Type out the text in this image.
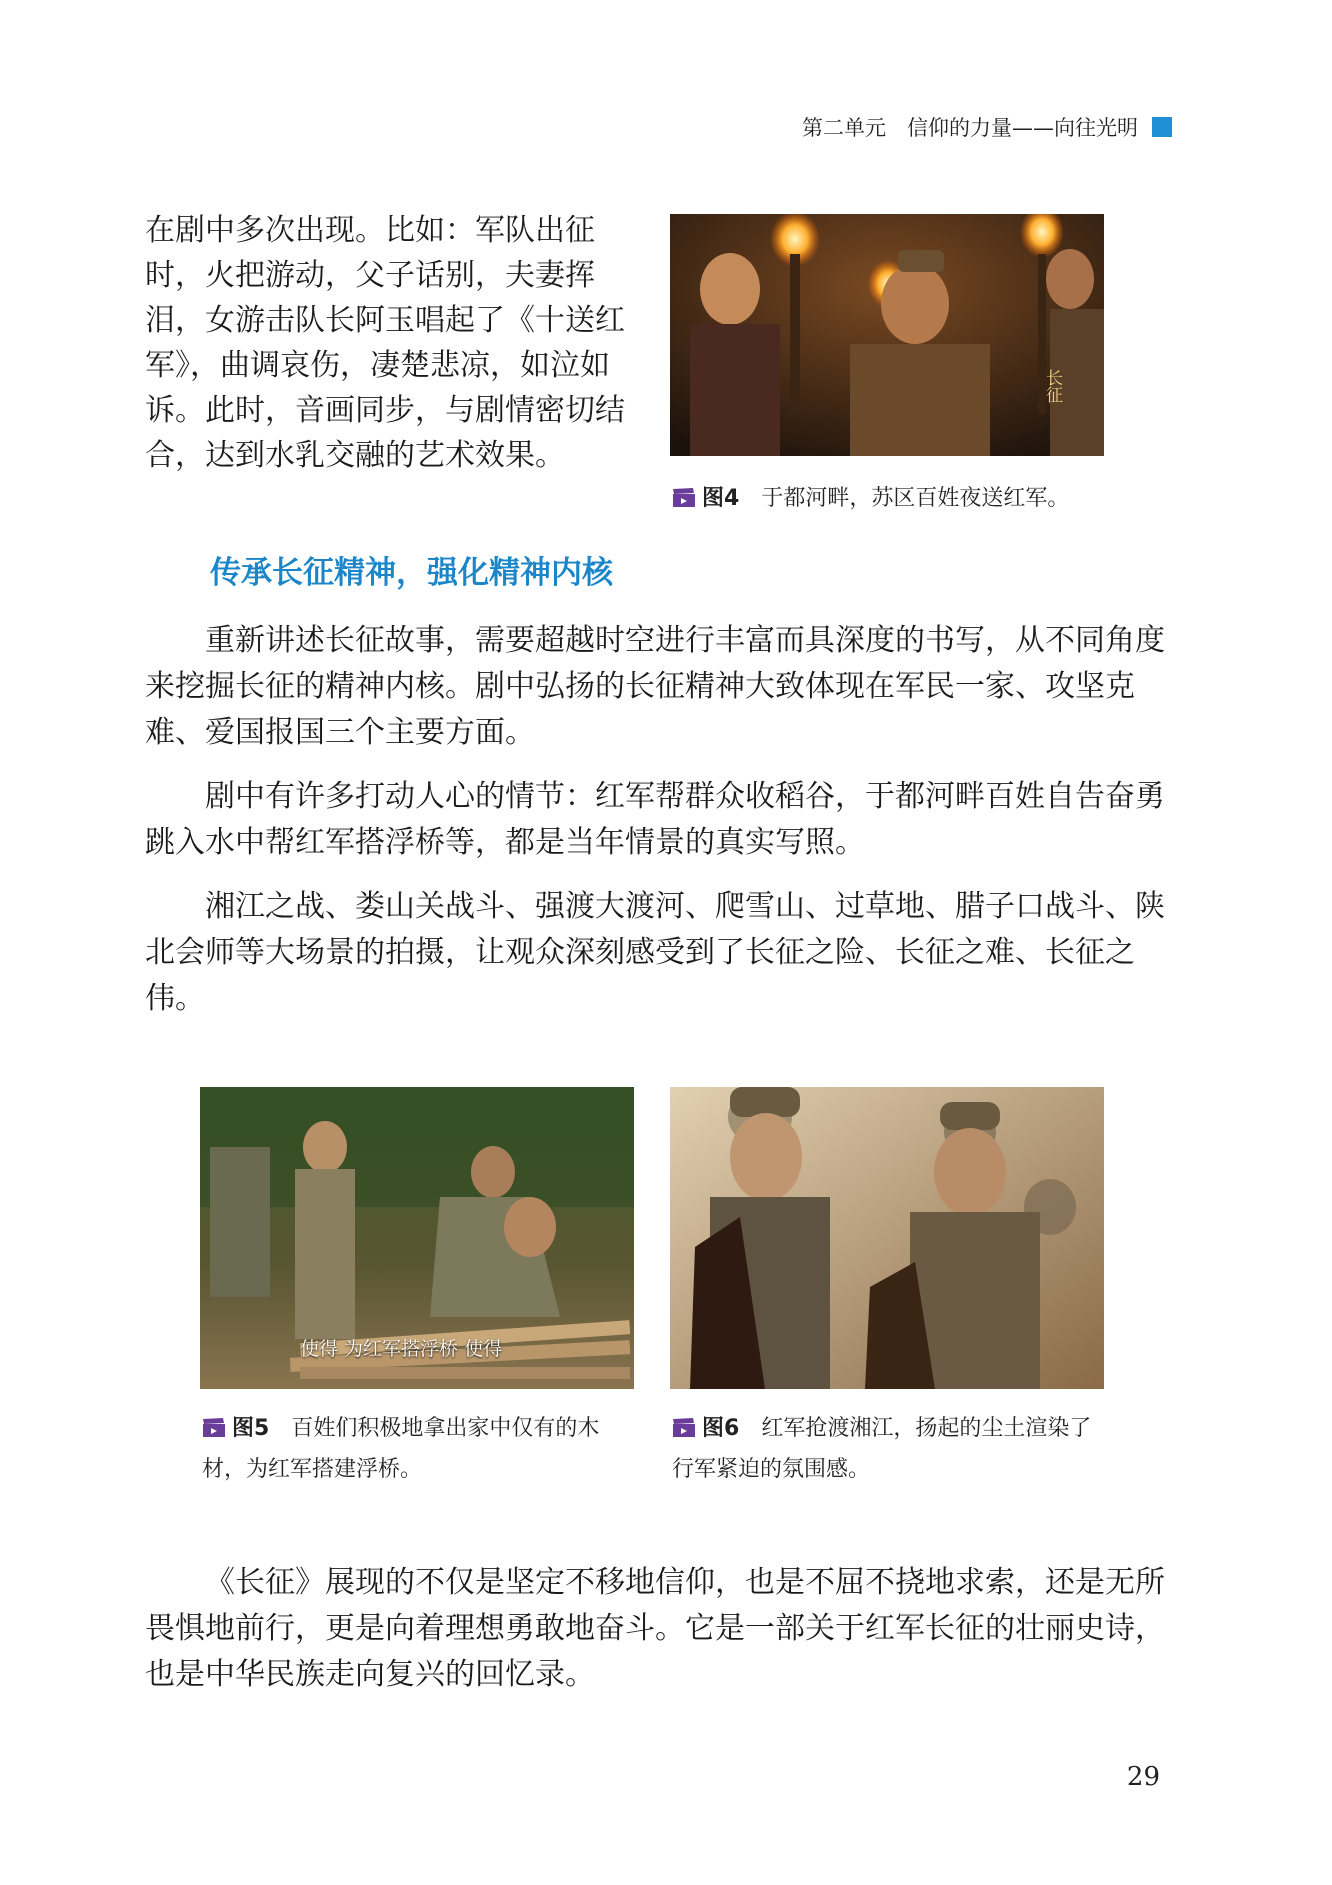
第二单元　信仰的力量——向往光明

在剧中多次出现。比如：军队出征时，火把游动，父子话别，夫妻挥泪，女游击队长阿玉唱起了《十送红军》，曲调哀伤，凄楚悲凉，如泣如诉。此时，音画同步，与剧情密切结合，达到水乳交融的艺术效果。

长征

图4 于都河畔，苏区百姓夜送红军。

传承长征精神，强化精神内核

重新讲述长征故事，需要超越时空进行丰富而具深度的书写，从不同角度来挖掘长征的精神内核。剧中弘扬的长征精神大致体现在军民一家、攻坚克难、爱国报国三个主要方面。

剧中有许多打动人心的情节：红军帮群众收稻谷，于都河畔百姓自告奋勇跳入水中帮红军搭浮桥等，都是当年情景的真实写照。

湘江之战、娄山关战斗、强渡大渡河、爬雪山、过草地、腊子口战斗、陕北会师等大场景的拍摄，让观众深刻感受到了长征之险、长征之难、长征之伟。

使得 为红军搭浮桥 使得

图5 百姓们积极地拿出家中仅有的木材，为红军搭建浮桥。

图6 红军抢渡湘江，扬起的尘土渲染了行军紧迫的氛围感。

《长征》展现的不仅是坚定不移地信仰，也是不屈不挠地求索，还是无所畏惧地前行，更是向着理想勇敢地奋斗。它是一部关于红军长征的壮丽史诗，也是中华民族走向复兴的回忆录。

29
